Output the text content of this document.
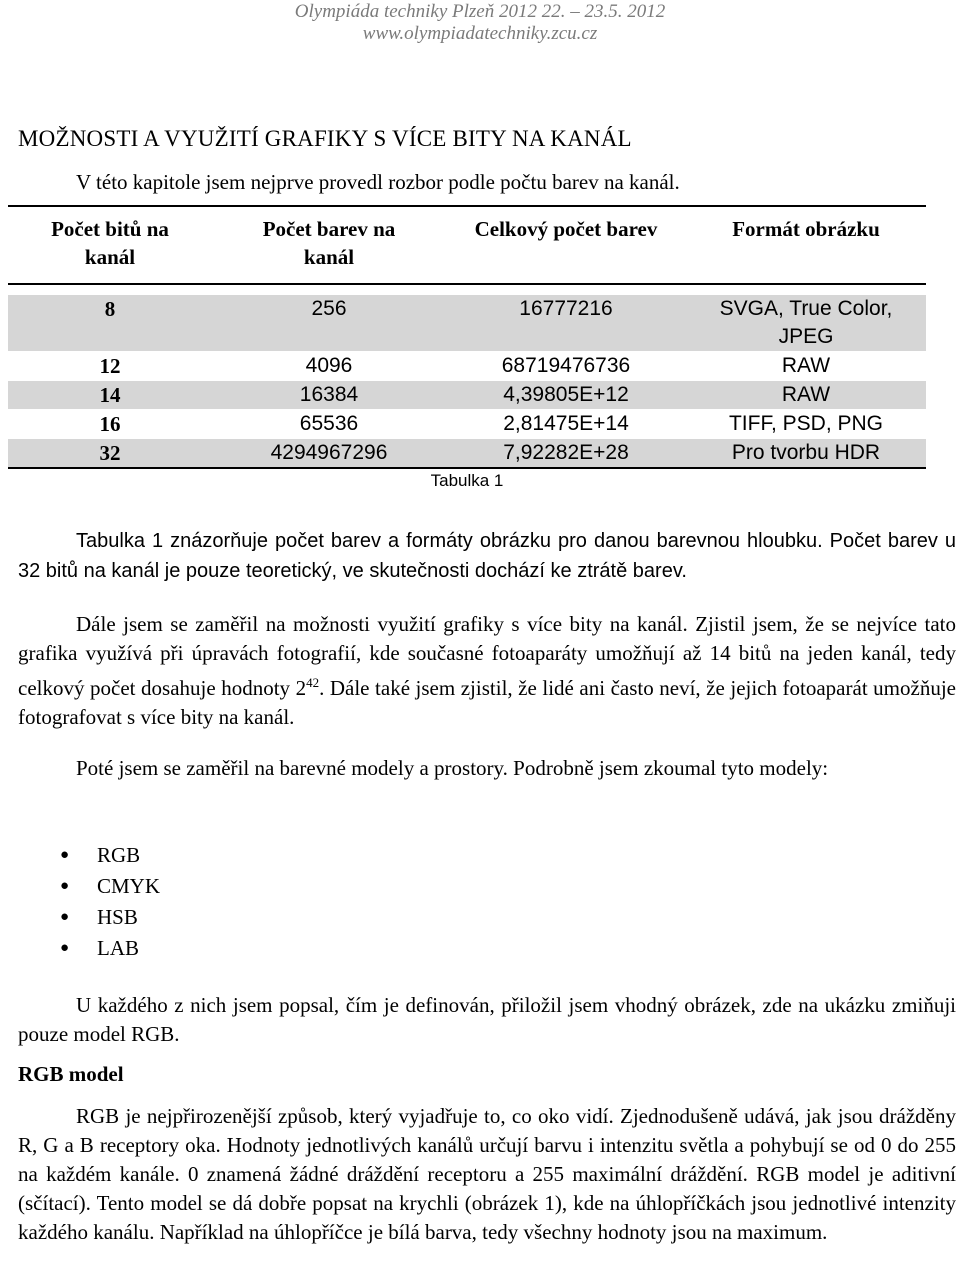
Olympiáda techniky Plzeň 2012 22. – 23.5. 2012
www.olympiadatechniky.zcu.cz
MOŽNOSTI A VYUŽITÍ GRAFIKY S VÍCE BITY NA KANÁL
V této kapitole jsem nejprve provedl rozbor podle počtu barev na kanál.
Počet bitů na kanál	Počet barev na kanál	Celkový počet barev	Formát obrázku

8	256	16777216	SVGA, True Color, JPEG

12	4096	68719476736	RAW
14	16384	4,39805E+12	RAW
16	65536	2,81475E+14	TIFF, PSD, PNG
32	4294967296	7,92282E+28	Pro tvorbu HDR
Tabulka 1
Tabulka 1 znázorňuje počet barev a formáty obrázku pro danou barevnou hloubku. Počet barev u 32 bitů na kanál je pouze teoretický, ve skutečnosti dochází ke ztrátě barev.
Dále jsem se zaměřil na možnosti využití grafiky s více bity na kanál. Zjistil jsem, že se nejvíce tato grafika využívá při úpravách fotografií, kde současné fotoaparáty umožňují až 14 bitů na jeden kanál, tedy celkový počet dosahuje hodnoty $2^{42}$. Dále také jsem zjistil, že lidé ani často neví, že jejich fotoaparát umožňuje fotografovat s více bity na kanál.
Poté jsem se zaměřil na barevné modely a prostory. Podrobně jsem zkoumal tyto modely:
● RGB
● CMYK
● HSB
● LAB
U každého z nich jsem popsal, čím je definován, přiložil jsem vhodný obrázek, zde na ukázku zmiňuji pouze model RGB.
RGB model
RGB je nejpřirozenější způsob, který vyjadřuje to, co oko vidí. Zjednodušeně udává, jak jsou drážděny R, G a B receptory oka. Hodnoty jednotlivých kanálů určují barvu i intenzitu světla a pohybují se od 0 do 255 na každém kanále. 0 znamená žádné dráždění receptoru a 255 maximální dráždění. RGB model je aditivní (sčítací). Tento model se dá dobře popsat na krychli (obrázek 1), kde na úhlopříčkách jsou jednotlivé intenzity každého kanálu. Například na úhlopříčce je bílá barva, tedy všechny hodnoty jsou na maximum.
